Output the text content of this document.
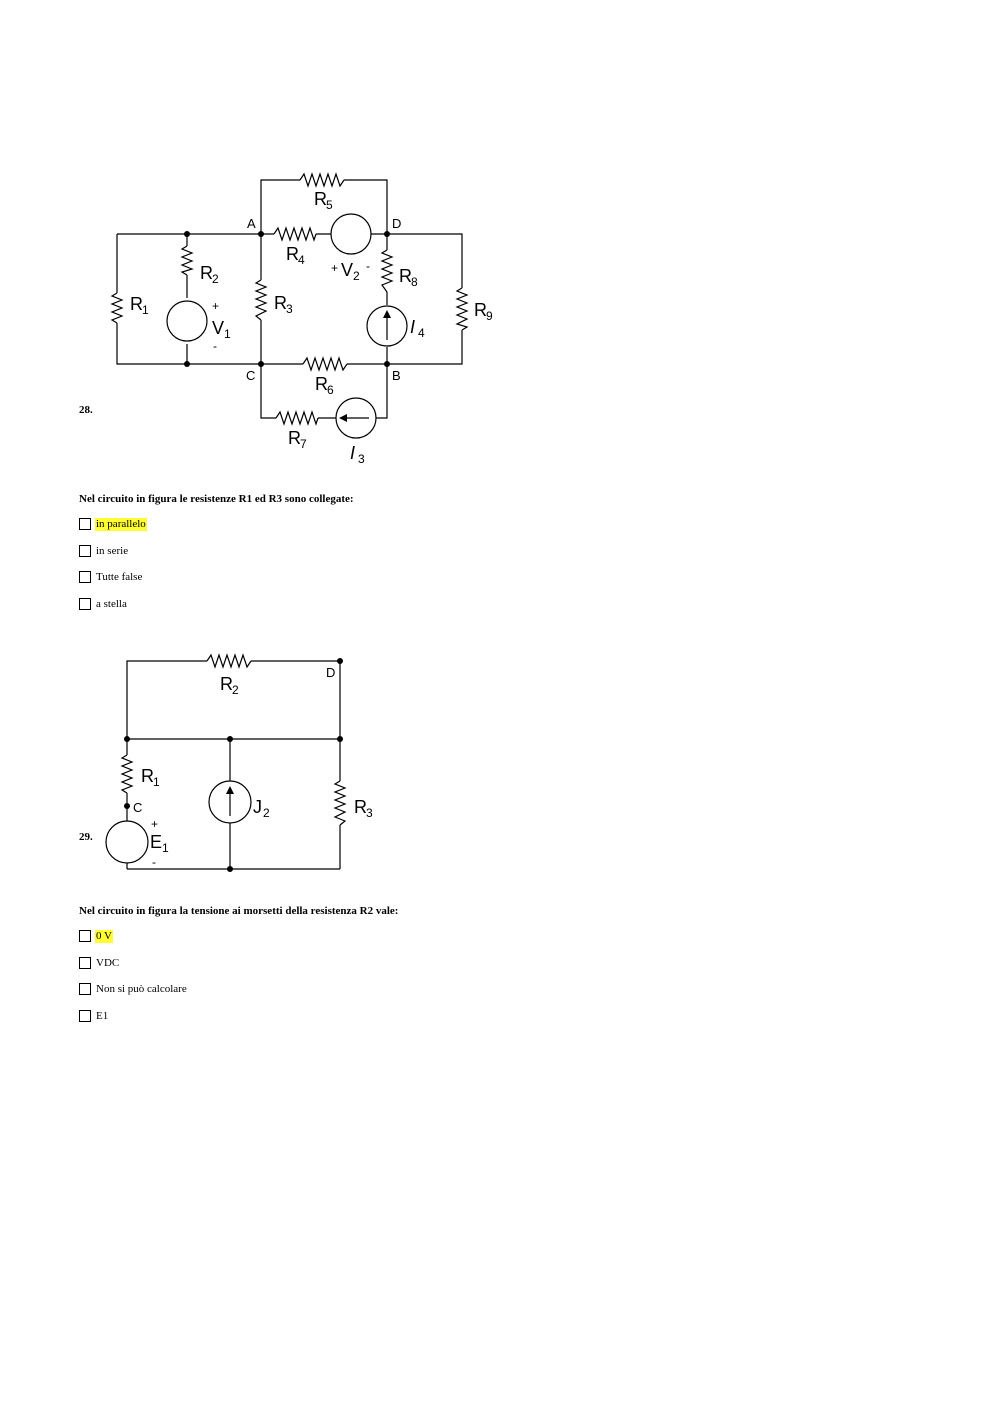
28.
R 1
R 2
V 1
+
-
R 3
R 5
R 4
+ V 2
- R 8
I 4
R 9
R 6
R 7 I 3
A	D
C	B
Nel circuito in figura le resistenze R1 ed R3 sono collegate:
in parallelo
in serie
Tutte false
a stella
29.
R 2
R 1
J 2	R 3
E 1
+
-
D
C
Nel circuito in figura la tensione ai morsetti della resistenza R2 vale:
0 V
VDC
Non si può calcolare
E1
